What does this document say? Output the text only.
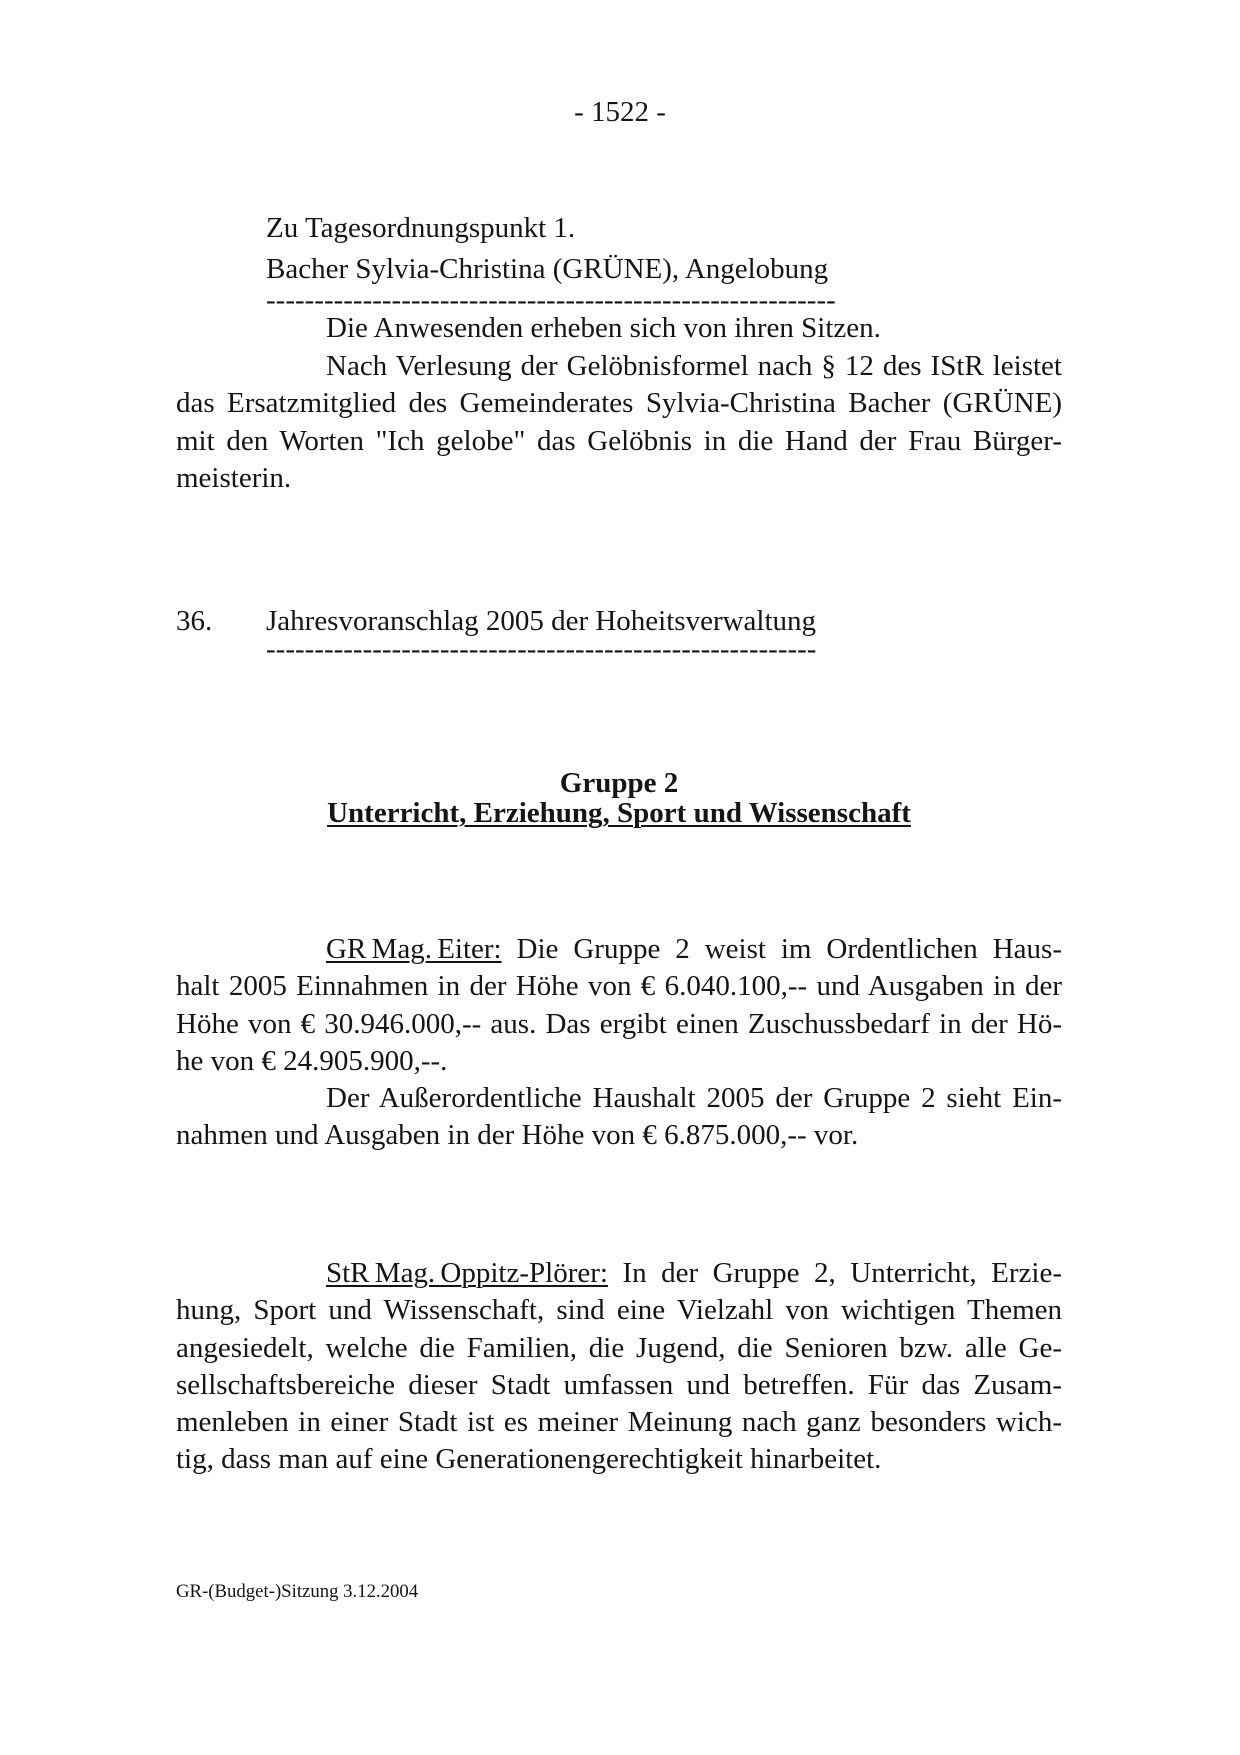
- 1522 -
Zu Tagesordnungspunkt 1.
Bacher Sylvia-Christina (GRÜNE), Angelobung
-----------------------------------------------------------
Die Anwesenden erheben sich von ihren Sitzen.
Nach Verlesung der Gelöbnisformel nach § 12 des IStR leistet
das Ersatzmitglied des Gemeinderates Sylvia-Christina Bacher (GRÜNE)
mit den Worten "Ich gelobe" das Gelöbnis in die Hand der Frau Bürger-
meisterin.
36. Jahresvoranschlag 2005 der Hoheitsverwaltung
---------------------------------------------------------
Gruppe 2
Unterricht, Erziehung, Sport und Wissenschaft
GR Mag. Eiter: Die Gruppe 2 weist im Ordentlichen Haus-
halt 2005 Einnahmen in der Höhe von € 6.040.100,-- und Ausgaben in der
Höhe von € 30.946.000,-- aus. Das ergibt einen Zuschussbedarf in der Hö-
he von € 24.905.900,--.
Der Außerordentliche Haushalt 2005 der Gruppe 2 sieht Ein-
nahmen und Ausgaben in der Höhe von € 6.875.000,-- vor.
StR Mag. Oppitz-Plörer: In der Gruppe 2, Unterricht, Erzie-
hung, Sport und Wissenschaft, sind eine Vielzahl von wichtigen Themen
angesiedelt, welche die Familien, die Jugend, die Senioren bzw. alle Ge-
sellschaftsbereiche dieser Stadt umfassen und betreffen. Für das Zusam-
menleben in einer Stadt ist es meiner Meinung nach ganz besonders wich-
tig, dass man auf eine Generationengerechtigkeit hinarbeitet.
GR-(Budget-)Sitzung 3.12.2004
